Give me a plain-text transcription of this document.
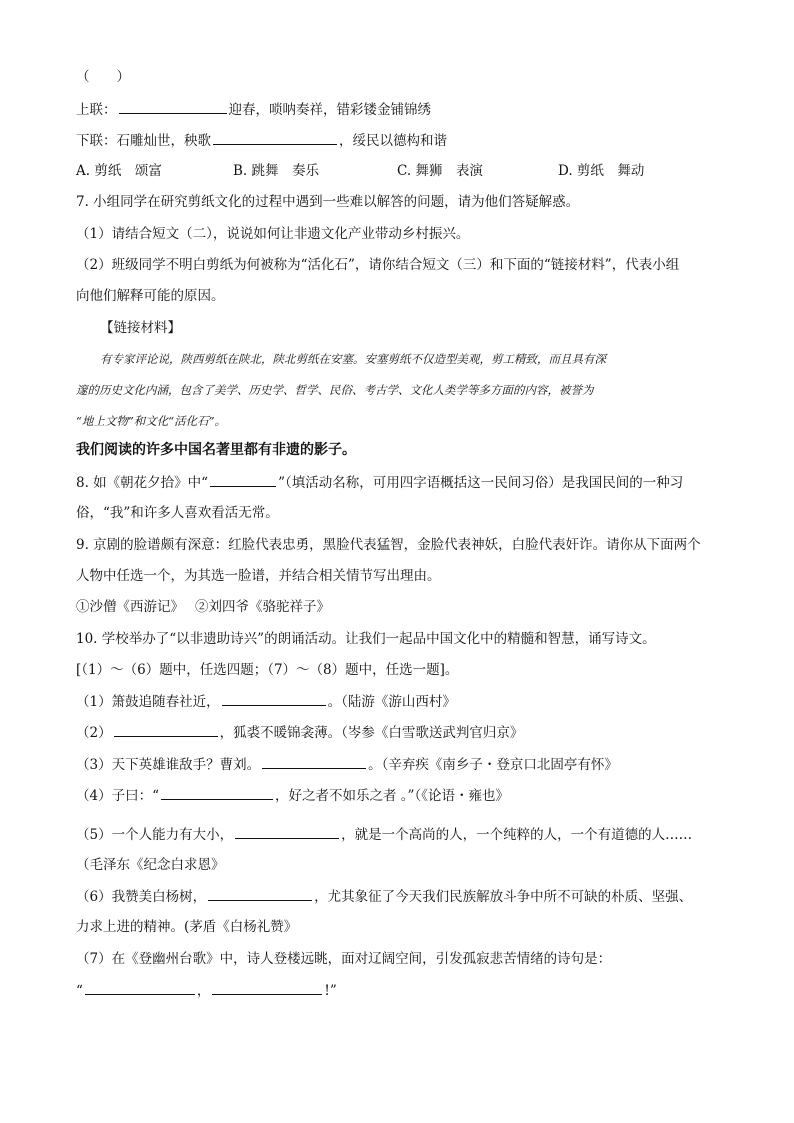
（　　）
上联：	迎春，唢呐奏祥，错彩镂金铺锦绣
下联：石雕灿世，秧歌	，绥民以德构和谐
A. 剪纸　颂富	B. 跳舞　奏乐	C. 舞狮　表演	D. 剪纸　舞动
7. 小组同学在研究剪纸文化的过程中遇到一些难以解答的问题，请为他们答疑解惑。
（1）请结合短文（二），说说如何让非遗文化产业带动乡村振兴。
（2）班级同学不明白剪纸为何被称为“活化石”，请你结合短文（三）和下面的“链接材料”，代表小组
向他们解释可能的原因。
【链接材料】
有专家评论说，陕西剪纸在陕北，陕北剪纸在安塞。安塞剪纸不仅造型美观，剪工精致，而且具有深
邃的历史文化内涵，包含了美学、历史学、哲学、民俗、考古学、文化人类学等多方面的内容，被誉为
“地上文物”和文化“活化石”。
我们阅读的许多中国名著里都有非遗的影子。
8. 如《朝花夕拾》中“	”（填活动名称，可用四字语概括这一民间习俗）是我国民间的一种习
俗，“我”和许多人喜欢看活无常。
9. 京剧的脸谱颇有深意：红脸代表忠勇，黑脸代表猛智，金脸代表神妖，白脸代表奸诈。请你从下面两个
人物中任选一个，为其选一脸谱，并结合相关情节写出理由。
①沙僧《西游记》　 ②刘四爷《骆驼祥子》
10. 学校举办了“以非遗助诗兴”的朗诵活动。让我们一起品中国文化中的精髓和智慧，诵写诗文。
[（1）～（6）题中，任选四题；（7）～（8）题中，任选一题]。
（1）箫鼓追随春社近，	。（陆游《游山西村》
（2）	，狐裘不暖锦衾薄。（岑参《白雪歌送武判官归京》
（3）天下英雄谁敌手？曹刘。	。（辛弃疾《南乡子・登京口北固亭有怀》
（4）子曰：“	，好之者不如乐之者 。”（《论语・雍也》
（5）一个人能力有大小，	，就是一个高尚的人，一个纯粹的人，一个有道德的人……
（毛泽东《纪念白求恩》
（6）我赞美白杨树，	，尤其象征了今天我们民族解放斗争中所不可缺的朴质、坚强、
力求上进的精神。(茅盾《白杨礼赞》
（7）在《登幽州台歌》中，诗人登楼远眺，面对辽阔空间，引发孤寂悲苦情绪的诗句是：
“	，	!”
